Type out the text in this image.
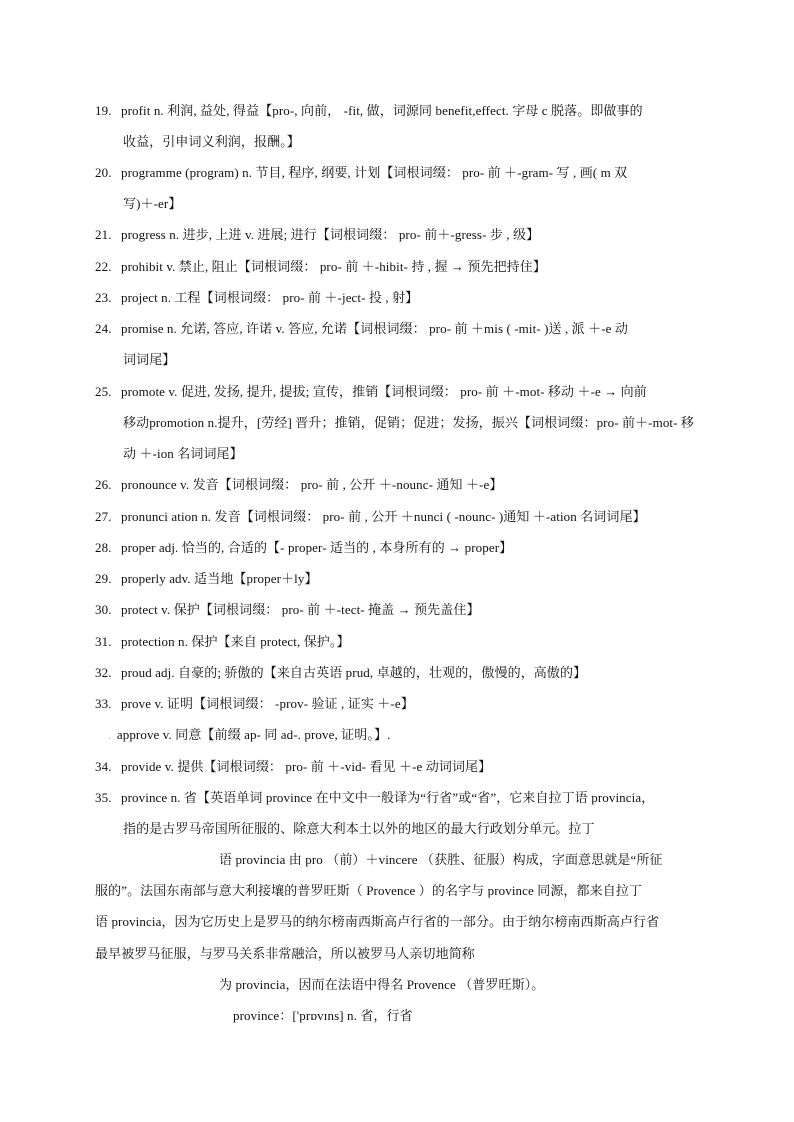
19. profit n. 利润, 益处, 得益【pro-, 向前， -fit, 做，词源同 benefit,effect. 字母 c 脱落。即做事的
收益，引申词义利润，报酬。】
20. programme (program) n. 节目, 程序, 纲要, 计划【词根词缀： pro- 前 ＋-gram- 写 , 画( m 双
写)＋-er】
21. progress n. 进步, 上进 v. 进展; 进行【词根词缀： pro- 前＋-gress- 步 , 级】
22. prohibit v. 禁止, 阻止【词根词缀： pro- 前 ＋-hibit- 持 , 握 → 预先把持住】
23. project n. 工程【词根词缀： pro- 前 ＋-ject- 投 , 射】
24. promise n. 允诺, 答应, 许诺 v. 答应, 允诺【词根词缀： pro- 前 ＋mis ( -mit- )送 , 派 ＋-e 动
词词尾】
25. promote v. 促进, 发扬, 提升, 提拔; 宣传，推销【词根词缀： pro- 前 ＋-mot- 移动 ＋-e → 向前
移动promotion n.提升，[劳经] 晋升；推销，促销；促进；发扬，振兴【词根词缀：pro- 前＋-mot- 移
动 ＋-ion 名词词尾】
26. pronounce v. 发音【词根词缀： pro- 前 , 公开 ＋-nounc- 通知 ＋-e】
27. pronunci ation n. 发音【词根词缀： pro- 前 , 公开 ＋nunci ( -nounc- )通知 ＋-ation 名词词尾】
28. proper adj. 恰当的, 合适的【- proper- 适当的 , 本身所有的 → proper】
29. properly adv. 适当地【proper＋ly】
30. protect v. 保护【词根词缀： pro- 前 ＋-tect- 掩盖 → 预先盖住】
31. protection n. 保护【来自 protect, 保护。】
32. proud adj. 自豪的; 骄傲的【来自古英语 prud, 卓越的，壮观的，傲慢的，高傲的】
33. prove v. 证明【词根词缀： -prov- 验证 , 证实 ＋-e】
. approve v. 同意【前缀 ap- 同 ad-. prove, 证明。】.
34. provide v. 提供【词根词缀： pro- 前 ＋-vid- 看见 ＋-e 动词词尾】
35. province n. 省【英语单词 province 在中文中一般译为“行省”或“省”，它来自拉丁语 provincia，
指的是古罗马帝国所征服的、除意大利本土以外的地区的最大行政划分单元。拉丁
语 provincia 由 pro （前）＋vincere （获胜、征服）构成，字面意思就是“所征
服的”。法国东南部与意大利接壤的普罗旺斯（ Provence ）的名字与 province 同源，都来自拉丁
语 provincia，因为它历史上是罗马的纳尔榜南西斯高卢行省的一部分。由于纳尔榜南西斯高卢行省
最早被罗马征服，与罗马关系非常融洽，所以被罗马人亲切地简称
为 provincia，因而在法语中得名 Provence （普罗旺斯）。
province：['prɒvɪns] n. 省，行省
